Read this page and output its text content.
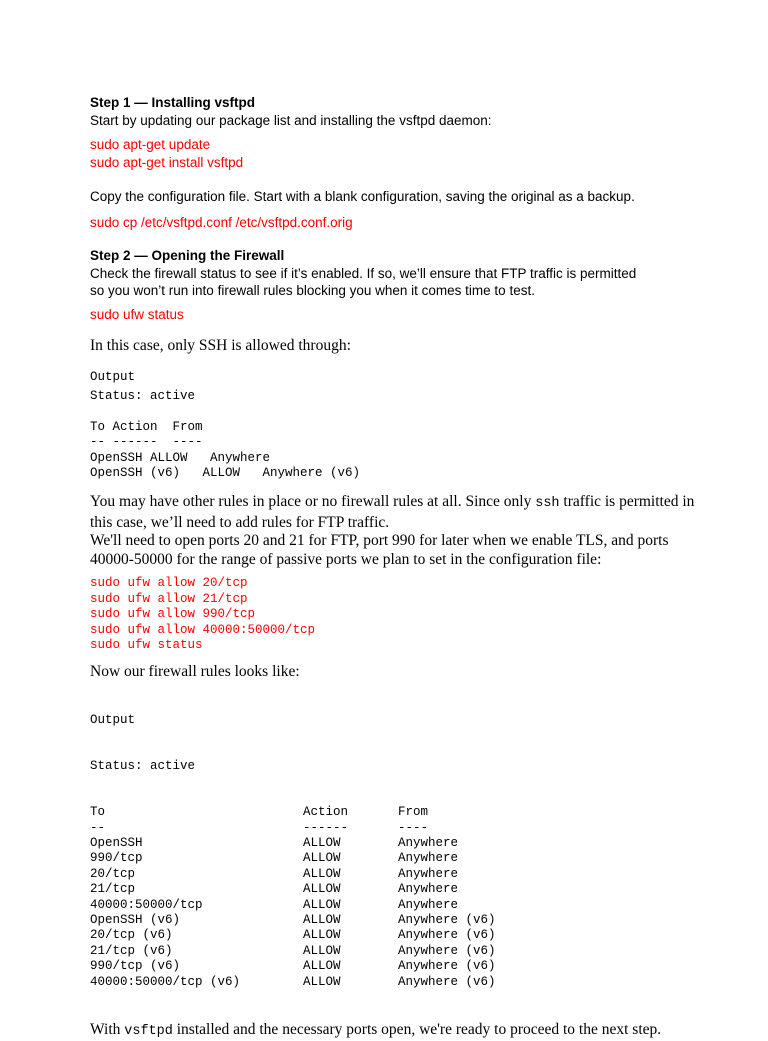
Step 1 — Installing vsftpd
Start by updating our package list and installing the vsftpd daemon:
sudo apt-get update
sudo apt-get install vsftpd
Copy the configuration file. Start with a blank configuration, saving the original as a backup.
sudo cp /etc/vsftpd.conf /etc/vsftpd.conf.orig
Step 2 — Opening the Firewall
Check the firewall status to see if it’s enabled. If so, we’ll ensure that FTP traffic is permitted
so you won’t run into firewall rules blocking you when it comes time to test.
sudo ufw status
In this case, only SSH is allowed through:
Output
Status: active

To Action  From
-- ------  ----
OpenSSH ALLOW   Anywhere
OpenSSH (v6)   ALLOW   Anywhere (v6)
You may have other rules in place or no firewall rules at all. Since only ssh traffic is permitted in this case, we’ll need to add rules for FTP traffic.
We'll need to open ports 20 and 21 for FTP, port 990 for later when we enable TLS, and ports 40000-50000 for the range of passive ports we plan to set in the configuration file:
sudo ufw allow 20/tcp
sudo ufw allow 21/tcp
sudo ufw allow 990/tcp
sudo ufw allow 40000:50000/tcp
sudo ufw status
Now our firewall rules looks like:

Output

Status: active

To	Action	From
--	------	----
OpenSSH	ALLOW	Anywhere
990/tcp	ALLOW	Anywhere
20/tcp	ALLOW	Anywhere
21/tcp	ALLOW	Anywhere
40000:50000/tcp	ALLOW	Anywhere
OpenSSH (v6)	ALLOW	Anywhere (v6)
20/tcp (v6)	ALLOW	Anywhere (v6)
21/tcp (v6)	ALLOW	Anywhere (v6)
990/tcp (v6)	ALLOW	Anywhere (v6)
40000:50000/tcp (v6)	ALLOW	Anywhere (v6)

With vsftpd installed and the necessary ports open, we're ready to proceed to the next step.
